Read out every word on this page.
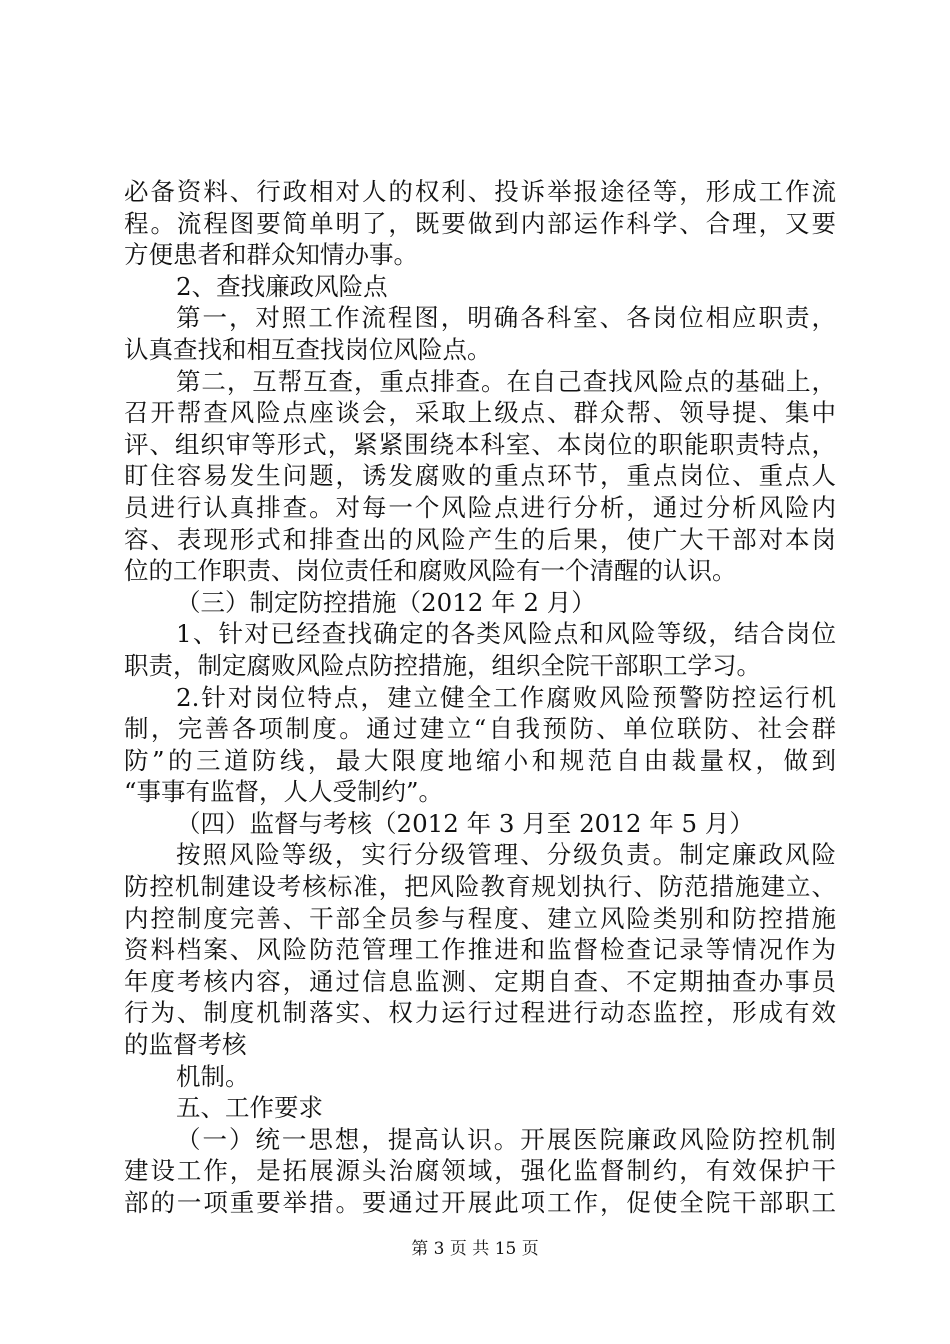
必备资料、行政相对人的权利、投诉举报途径等，形成工作流
程。流程图要简单明了，既要做到内部运作科学、合理，又要
方便患者和群众知情办事。
2、查找廉政风险点
第一，对照工作流程图，明确各科室、各岗位相应职责，
认真查找和相互查找岗位风险点。
第二，互帮互查，重点排查。在自己查找风险点的基础上，
召开帮查风险点座谈会，采取上级点、群众帮、领导提、集中
评、组织审等形式，紧紧围绕本科室、本岗位的职能职责特点，
盯住容易发生问题，诱发腐败的重点环节，重点岗位、重点人
员进行认真排查。对每一个风险点进行分析，通过分析风险内
容、表现形式和排查出的风险产生的后果，使广大干部对本岗
位的工作职责、岗位责任和腐败风险有一个清醒的认识。
（三）制定防控措施（2012 年 2 月）
1、针对已经查找确定的各类风险点和风险等级，结合岗位
职责，制定腐败风险点防控措施，组织全院干部职工学习。
2.针对岗位特点，建立健全工作腐败风险预警防控运行机
制，完善各项制度。通过建立“自我预防、单位联防、社会群
防”的三道防线，最大限度地缩小和规范自由裁量权，做到
“事事有监督，人人受制约”。
（四）监督与考核（2012 年 3 月至 2012 年 5 月）
按照风险等级，实行分级管理、分级负责。制定廉政风险
防控机制建设考核标准，把风险教育规划执行、防范措施建立、
内控制度完善、干部全员参与程度、建立风险类别和防控措施
资料档案、风险防范管理工作推进和监督检查记录等情况作为
年度考核内容，通过信息监测、定期自查、不定期抽查办事员
行为、制度机制落实、权力运行过程进行动态监控，形成有效
的监督考核
机制。
五、工作要求
（一）统一思想，提高认识。开展医院廉政风险防控机制
建设工作，是拓展源头治腐领域，强化监督制约，有效保护干
部的一项重要举措。要通过开展此项工作，促使全院干部职工
第 3 页 共 15 页
